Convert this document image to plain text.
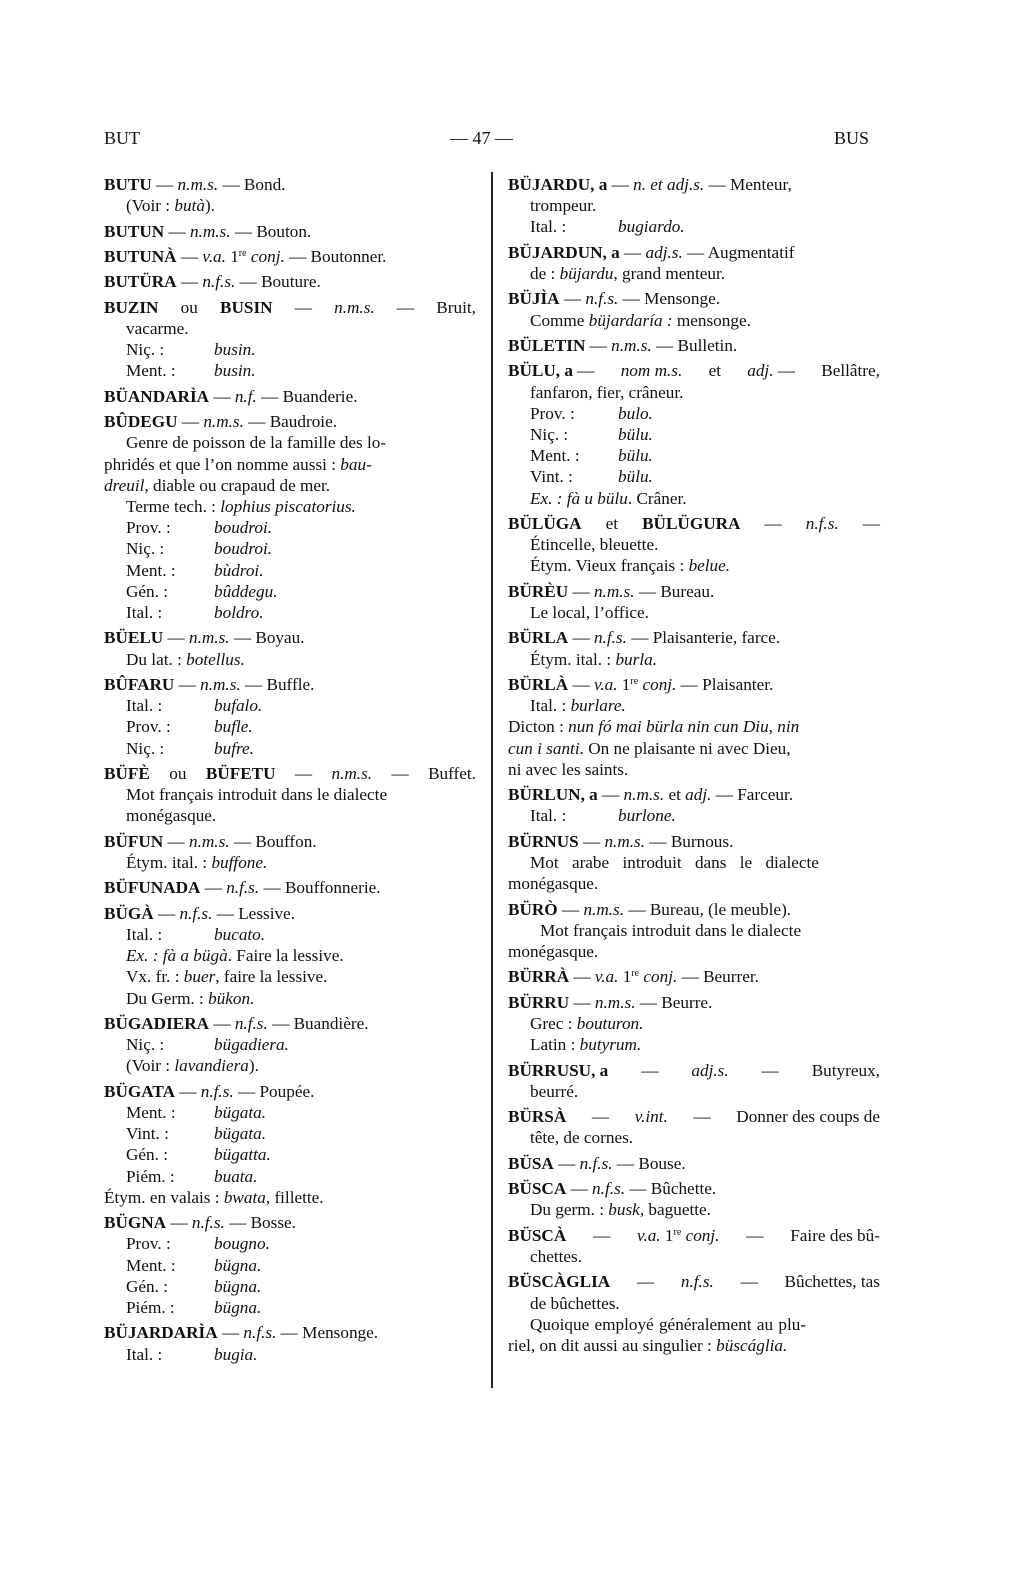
BUT	— 47 —	BUS
BUTU — n.m.s. — Bond.
(Voir : butà).
BUTUN — n.m.s. — Bouton.
BUTUNÀ — v.a. 1re conj. — Boutonner.
BUTÜRA — n.f.s. — Bouture.
BUZIN ou BUSIN — n.m.s. — Bruit,
vacarme.
Niç. :	busin.
Ment. : busin.
BÜANDARÌA — n.f. — Buanderie.
BÛDEGU — n.m.s. — Baudroie.
Genre de poisson de la famille des lo-
phridés et que l’on nomme aussi : bau-
dreuil, diable ou crapaud de mer.
Terme tech. : lophius piscatorius.
Prov. :	boudroi.
Niç. :	boudroi.
Ment. : bùdroi.
Gén. :	bûddegu.
Ital. :	boldro.
BÜELU — n.m.s. — Boyau.
Du lat. : botellus.
BÛFARU — n.m.s. — Buffle.
Ital. :	bufalo.
Prov. :	bufle.
Niç. :	bufre.
BÜFÈ ou BÜFETU — n.m.s. — Buffet.
Mot français introduit dans le dialecte
monégasque.
BÜFUN — n.m.s. — Bouffon.
Étym. ital. : buffone.
BÜFUNADA — n.f.s. — Bouffonnerie.
BÜGÀ — n.f.s. — Lessive.
Ital. :	bucato.
Ex. : fà a bügà. Faire la lessive.
Vx. fr. : buer, faire la lessive.
Du Germ. : bükon.
BÜGADIERA — n.f.s. — Buandière.
Niç. :	bügadiera.
(Voir : lavandiera).
BÜGATA — n.f.s. — Poupée.
Ment. : bügata.
Vint. :	bügata.
Gén. :	bügatta.
Piém. : buata.
Étym. en valais : bwata, fillette.
BÜGNA — n.f.s. — Bosse.
Prov. :	bougno.
Ment. : bügna.
Gén. :	bügna.
Piém. : bügna.
BÜJARDARÌA — n.f.s. — Mensonge.
Ital. :	bugia.
BÜJARDU, a — n. et adj.s. — Menteur,
trompeur.
Ital. :	bugiardo.
BÜJARDUN, a — adj.s. — Augmentatif
de : büjardu, grand menteur.
BÜJÌA — n.f.s. — Mensonge.
Comme büjardaría : mensonge.
BÜLETIN — n.m.s. — Bulletin.
BÜLU, a — nom m.s. et adj. — Bellâtre,
fanfaron, fier, crâneur.
Prov. :	bulo.
Niç. :	bülu.
Ment. : bülu.
Vint. :	bülu.
Ex. : fà u bülu. Crâner.
BÜLÜGA et BÜLÜGURA — n.f.s. —
Étincelle, bleuette.
Étym. Vieux français : belue.
BÜRÈU — n.m.s. — Bureau.
Le local, l’office.
BÜRLA — n.f.s. — Plaisanterie, farce.
Étym. ital. : burla.
BÜRLÀ — v.a. 1re conj. — Plaisanter.
Ital. : burlare.
Dicton : nun fó mai bürla nin cun Diu, nin
cun i santi. On ne plaisante ni avec Dieu,
ni avec les saints.
BÜRLUN, a — n.m.s. et adj. — Farceur.
Ital. :	burlone.
BÜRNUS — n.m.s. — Burnous.
Mot arabe introduit dans le dialecte
monégasque.
BÜRÒ — n.m.s. — Bureau, (le meuble).
Mot français introduit dans le dialecte
monégasque.
BÜRRÀ — v.a. 1re conj. — Beurrer.
BÜRRU — n.m.s. — Beurre.
Grec : bouturon.
Latin : butyrum.
BÜRRUSU, a — adj.s. — Butyreux,
beurré.
BÜRSÀ — v.int. — Donner des coups de
tête, de cornes.
BÜSA — n.f.s. — Bouse.
BÜSCA — n.f.s. — Bûchette.
Du germ. : busk, baguette.
BÜSCÀ — v.a. 1re conj. — Faire des bû-
chettes.
BÜSCÀGLIA — n.f.s. — Bûchettes, tas
de bûchettes.
Quoique employé généralement au plu-
riel, on dit aussi au singulier : büscáglia.
